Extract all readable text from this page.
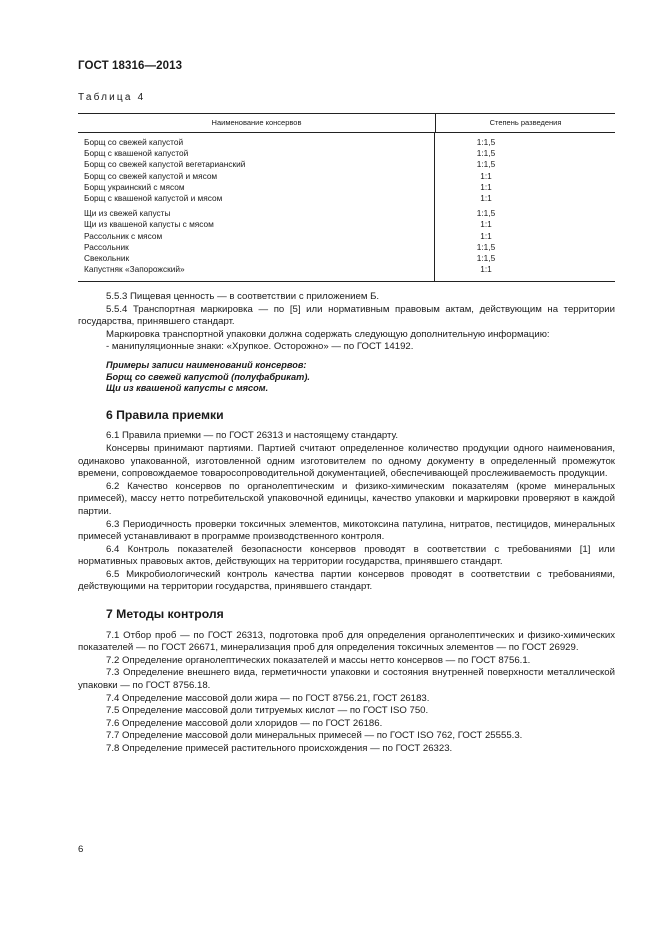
ГОСТ 18316—2013
Таблица 4
Наименование консервов	Степень разведения
Борщ со свежей капустой
Борщ с квашеной капустой
Борщ со свежей капустой вегетарианский
Борщ со свежей капустой и мясом
Борщ украинский с мясом
Борщ с квашеной капустой и мясом
Щи из свежей капусты
Щи из квашеной капусты с мясом
Рассольник с мясом
Рассольник
Свекольник
Капустняк «Запорожский»
1:1,5
1:1,5
1:1,5
1:1
1:1
1:1
1:1,5
1:1
1:1
1:1,5
1:1,5
1:1

5.5.3 Пищевая ценность — в соответствии с приложением Б.

5.5.4 Транспортная маркировка — по [5] или нормативным правовым актам, действующим на территории государства, принявшего стандарт.

Маркировка транспортной упаковки должна содержать следующую дополнительную информацию:

- манипуляционные знаки: «Хрупкое. Осторожно» — по ГОСТ 14192.

Примеры записи наименований консервов:

Борщ со свежей капустой (полуфабрикат).

Щи из квашеной капусты с мясом.

6 Правила приемки

6.1 Правила приемки — по ГОСТ 26313 и настоящему стандарту.

Консервы принимают партиями. Партией считают определенное количество продукции одного наименования, одинаково упакованной, изготовленной одним изготовителем по одному документу в определенный промежуток времени, сопровождаемое товаросопроводительной документацией, обеспечивающей прослеживаемость продукции.

6.2 Качество консервов по органолептическим и физико-химическим показателям (кроме минеральных примесей), массу нетто потребительской упаковочной единицы, качество упаковки и маркировки проверяют в каждой партии.

6.3 Периодичность проверки токсичных элементов, микотоксина патулина, нитратов, пестицидов, минеральных примесей устанавливают в программе производственного контроля.

6.4 Контроль показателей безопасности консервов проводят в соответствии с требованиями [1] или нормативных правовых актов, действующих на территории государства, принявшего стандарт.

6.5 Микробиологический контроль качества партии консервов проводят в соответствии с требованиями, действующими на территории государства, принявшего стандарт.

7 Методы контроля

7.1 Отбор проб — по ГОСТ 26313, подготовка проб для определения органолептических и физико-химических показателей — по ГОСТ 26671, минерализация проб для определения токсичных элементов — по ГОСТ 26929.

7.2 Определение органолептических показателей и массы нетто консервов — по ГОСТ 8756.1.

7.3 Определение внешнего вида, герметичности упаковки и состояния внутренней поверхности металлической упаковки — по ГОСТ 8756.18.

7.4 Определение массовой доли жира — по ГОСТ 8756.21, ГОСТ 26183.

7.5 Определение массовой доли титруемых кислот — по ГОСТ ISO 750.

7.6 Определение массовой доли хлоридов — по ГОСТ 26186.

7.7 Определение массовой доли минеральных примесей — по ГОСТ ISO 762, ГОСТ 25555.3.

7.8 Определение примесей растительного происхождения — по ГОСТ 26323.

6
